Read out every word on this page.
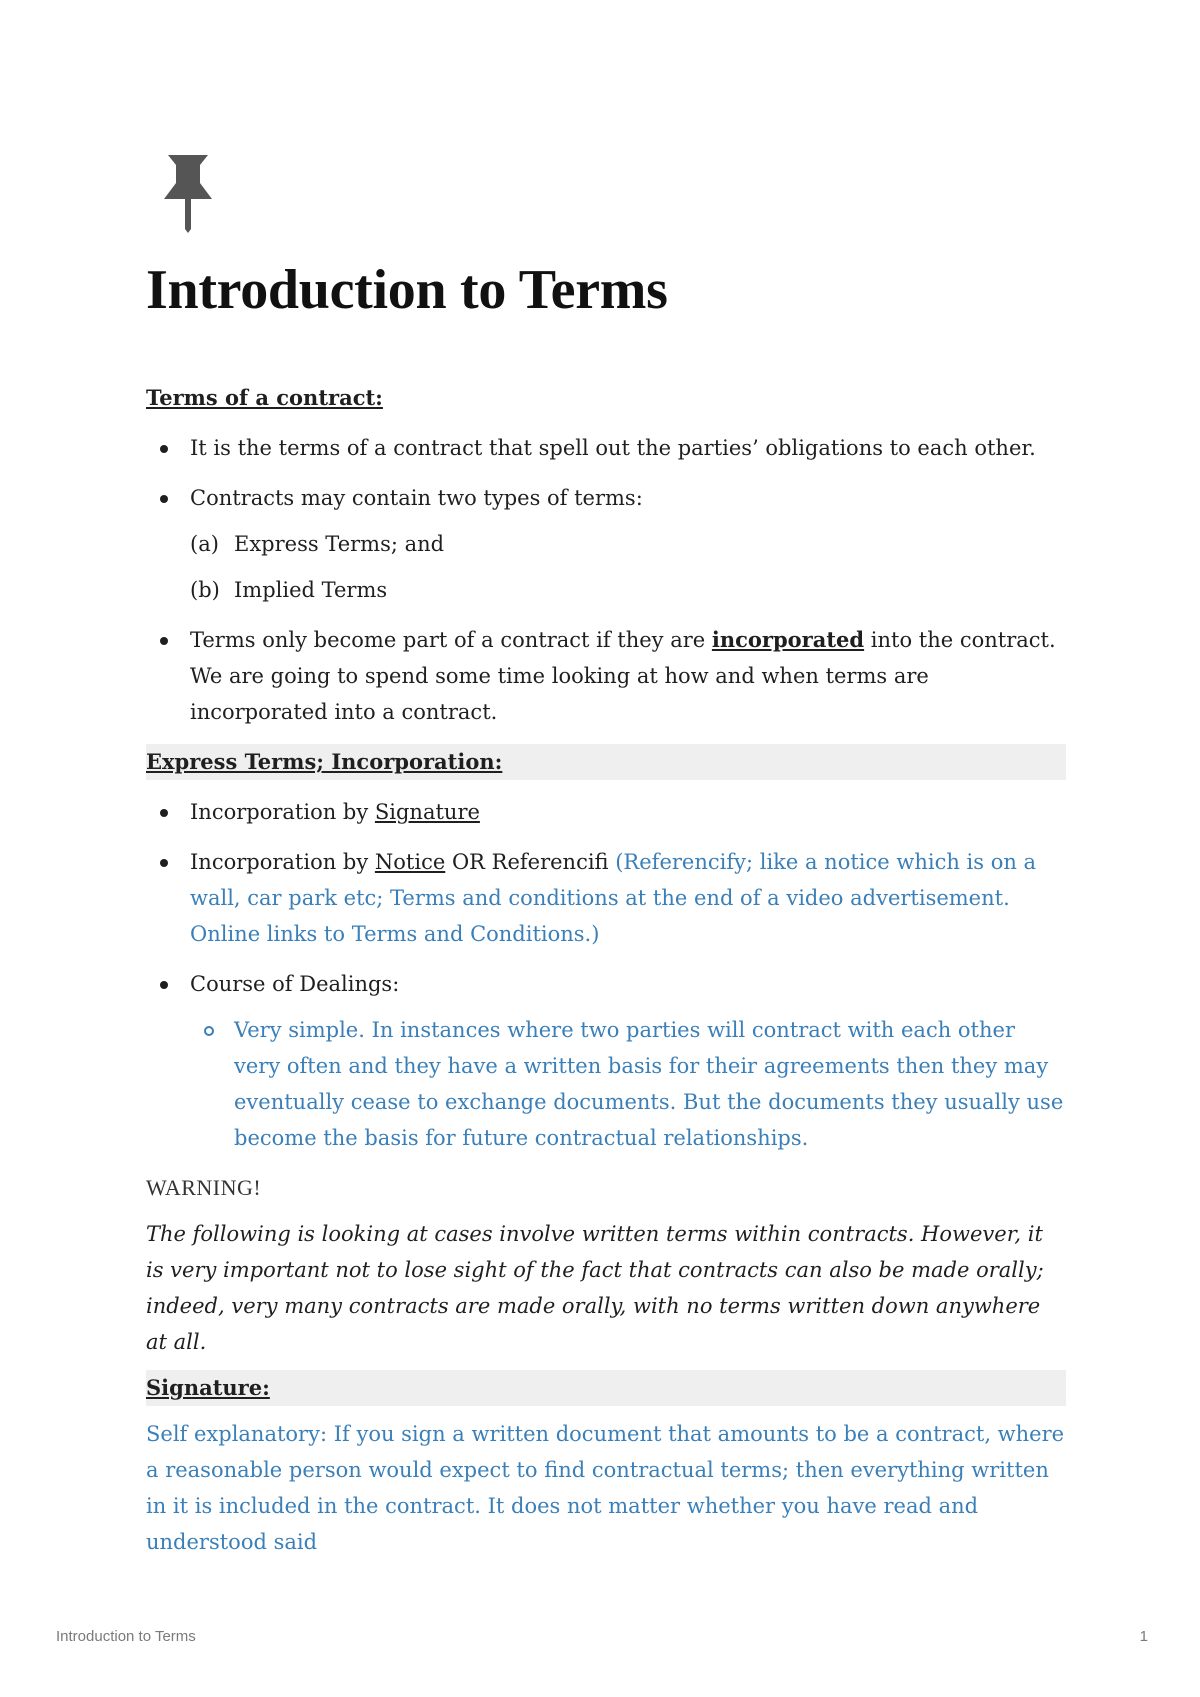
Introduction to Terms

Terms of a contract:

It is the terms of a contract that spell out the parties’ obligations to each other.
Contracts may contain two types of terms:
(a) Express Terms; and
(b) Implied Terms
Terms only become part of a contract if they are incorporated into the contract. We are going to spend some time looking at how and when terms are incorporated into a contract.

Express Terms; Incorporation:

Incorporation by Signature
Incorporation by Notice OR Referencifi (Referencify; like a notice which is on a wall, car park etc; Terms and conditions at the end of a video advertisement. Online links to Terms and Conditions.)
Course of Dealings:
Very simple. In instances where two parties will contract with each other very often and they have a written basis for their agreements then they may eventually cease to exchange documents. But the documents they usually use become the basis for future contractual relationships.

WARNING!

The following is looking at cases involve written terms within contracts. However, it is very important not to lose sight of the fact that contracts can also be made orally; indeed, very many contracts are made orally, with no terms written down anywhere at all.

Signature:

Self explanatory: If you sign a written document that amounts to be a contract, where a reasonable person would expect to find contractual terms; then everything written in it is included in the contract. It does not matter whether you have read and understood said

Introduction to Terms	1
